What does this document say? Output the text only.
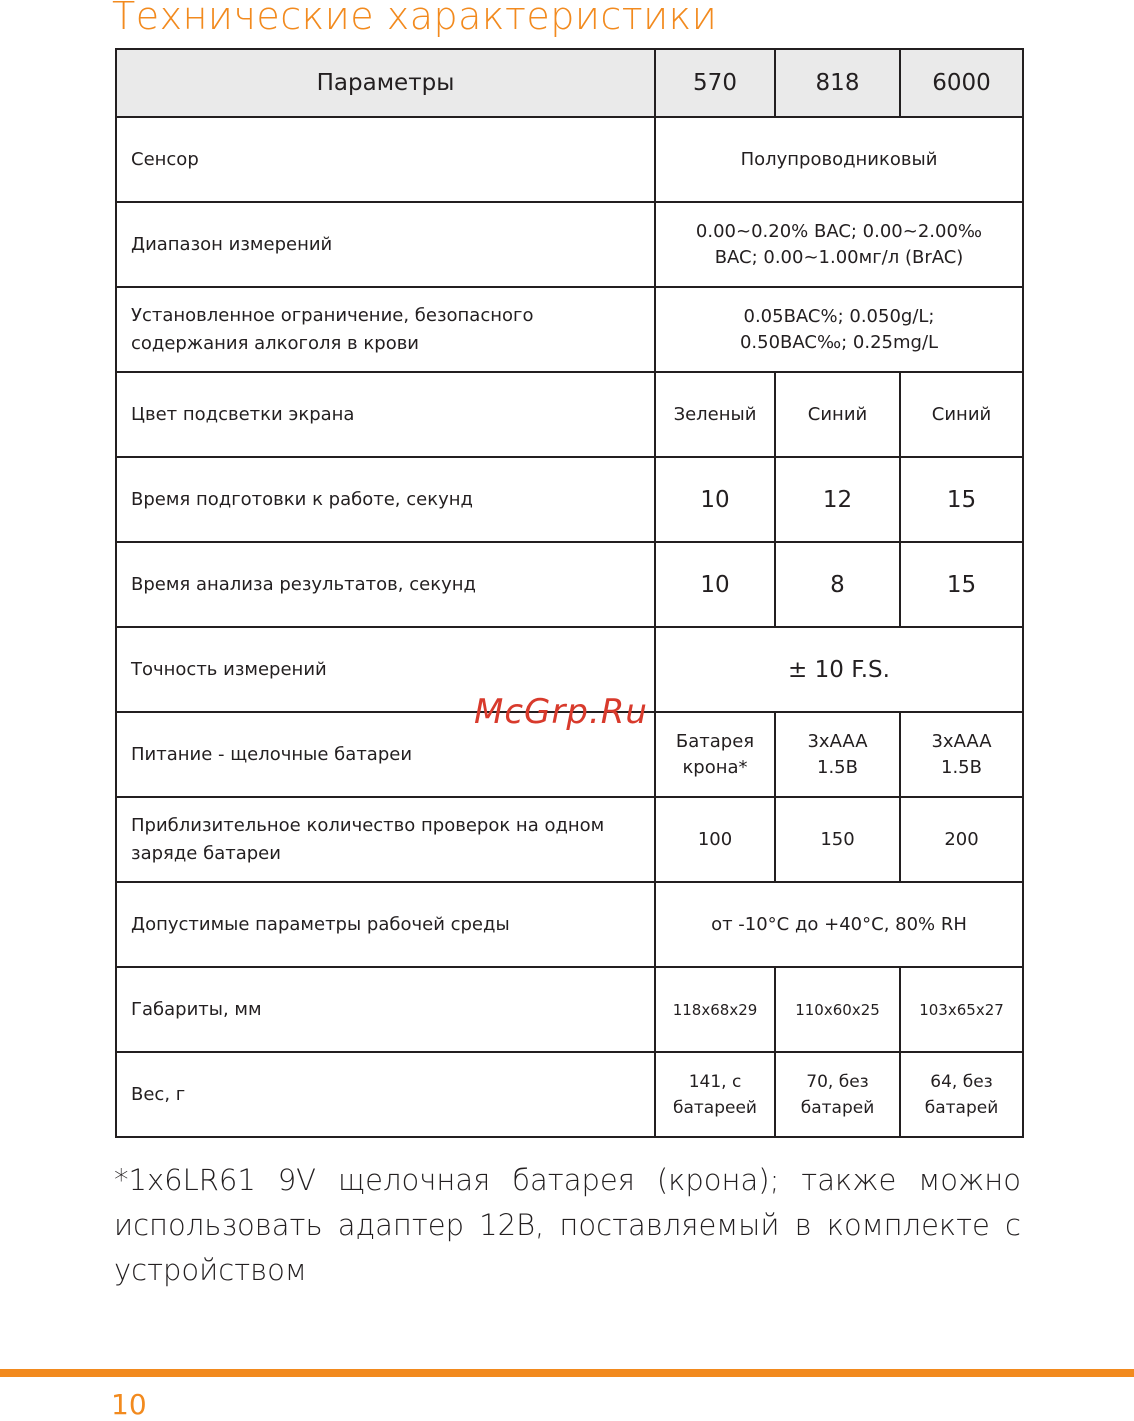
Технические характеристики
Параметры	570	818	6000
Сенсор	Полупроводниковый		
Диапазон измерений	0.00~0.20% BAC; 0.00~2.00‰ BAC; 0.00~1.00мг/л (BrAC)		
Установленное ограничение, безопасного содержания алкоголя в крови	0.05BAC%; 0.050g/L; 0.50BAC‰; 0.25mg/L		
Цвет подсветки экрана	Зеленый	Синий	Синий
Время подготовки к работе, секунд	10	12	15
Время анализа результатов, секунд	10	8	15
Точность измерений	± 10 F.S.		
Питание - щелочные батареи	Батарея крона*	3xAAA 1.5B	3xAAA 1.5B
Приблизительное количество проверок на одном заряде батареи	100	150	200
Допустимые параметры рабочей среды	от -10°С до +40°С, 80% RH		
Габариты, мм	118x68x29	110x60x25	103x65x27
Вес, г	141, с батареей	70, без батарей	64, без батарей
McGrp.Ru
*1x6LR61 9V щелочная батарея (крона); также можно использовать адаптер 12В, поставляемый в комплекте с устройством
10
